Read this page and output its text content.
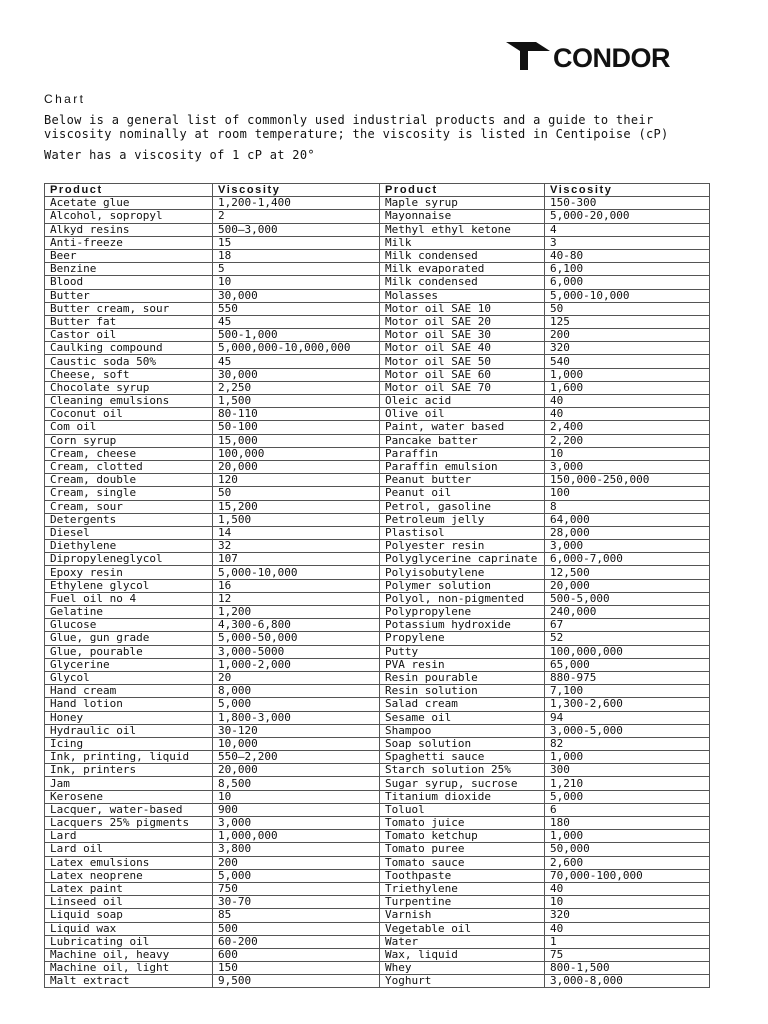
CONDOR
Chart
Below is a general list of commonly used industrial products and a guide to their viscosity nominally at room temperature; the viscosity is listed in Centipoise (cP)
Water has a viscosity of 1 cP at 20°
Product	Viscosity	Product	Viscosity
Acetate glue	1,200-1,400	Maple syrup	150-300
Alcohol, sopropyl	2	Mayonnaise	5,000-20,000
Alkyd resins	500–3,000	Methyl ethyl ketone	4
Anti-freeze	15	Milk	3
Beer	18	Milk condensed	40-80
Benzine	5	Milk evaporated	6,100
Blood	10	Milk condensed	6,000
Butter	30,000	Molasses	5,000-10,000
Butter cream, sour	550	Motor oil SAE 10	50
Butter fat	45	Motor oil SAE 20	125
Castor oil	500-1,000	Motor oil SAE 30	200
Caulking compound	5,000,000-10,000,000	Motor oil SAE 40	320
Caustic soda 50%	45	Motor oil SAE 50	540
Cheese, soft	30,000	Motor oil SAE 60	1,000
Chocolate syrup	2,250	Motor oil SAE 70	1,600
Cleaning emulsions	1,500	Oleic acid	40
Coconut oil	80-110	Olive oil	40
Com oil	50-100	Paint, water based	2,400
Corn syrup	15,000	Pancake batter	2,200
Cream, cheese	100,000	Paraffin	10
Cream, clotted	20,000	Paraffin emulsion	3,000
Cream, double	120	Peanut butter	150,000-250,000
Cream, single	50	Peanut oil	100
Cream, sour	15,200	Petrol, gasoline	8
Detergents	1,500	Petroleum jelly	64,000
Diesel	14	Plastisol	28,000
Diethylene	32	Polyester resin	3,000
Dipropyleneglycol	107	Polyglycerine caprinate	6,000-7,000
Epoxy resin	5,000-10,000	Polyisobutylene	12,500
Ethylene glycol	16	Polymer solution	20,000
Fuel oil no 4	12	Polyol, non-pigmented	500-5,000
Gelatine	1,200	Polypropylene	240,000
Glucose	4,300-6,800	Potassium hydroxide	67
Glue, gun grade	5,000-50,000	Propylene	52
Glue, pourable	3,000-5000	Putty	100,000,000
Glycerine	1,000-2,000	PVA resin	65,000
Glycol	20	Resin pourable	880-975
Hand cream	8,000	Resin solution	7,100
Hand lotion	5,000	Salad cream	1,300-2,600
Honey	1,800-3,000	Sesame oil	94
Hydraulic oil	30-120	Shampoo	3,000-5,000
Icing	10,000	Soap solution	82
Ink, printing, liquid	550–2,200	Spaghetti sauce	1,000
Ink, printers	20,000	Starch solution 25%	300
Jam	8,500	Sugar syrup, sucrose	1,210
Kerosene	10	Titanium dioxide	5,000
Lacquer, water-based	900	Toluol	6
Lacquers 25% pigments	3,000	Tomato juice	180
Lard	1,000,000	Tomato ketchup	1,000
Lard oil	3,800	Tomato puree	50,000
Latex emulsions	200	Tomato sauce	2,600
Latex neoprene	5,000	Toothpaste	70,000-100,000
Latex paint	750	Triethylene	40
Linseed oil	30-70	Turpentine	10
Liquid soap	85	Varnish	320
Liquid wax	500	Vegetable oil	40
Lubricating oil	60-200	Water	1
Machine oil, heavy	600	Wax, liquid	75
Machine oil, light	150	Whey	800-1,500
Malt extract	9,500	Yoghurt	3,000-8,000
